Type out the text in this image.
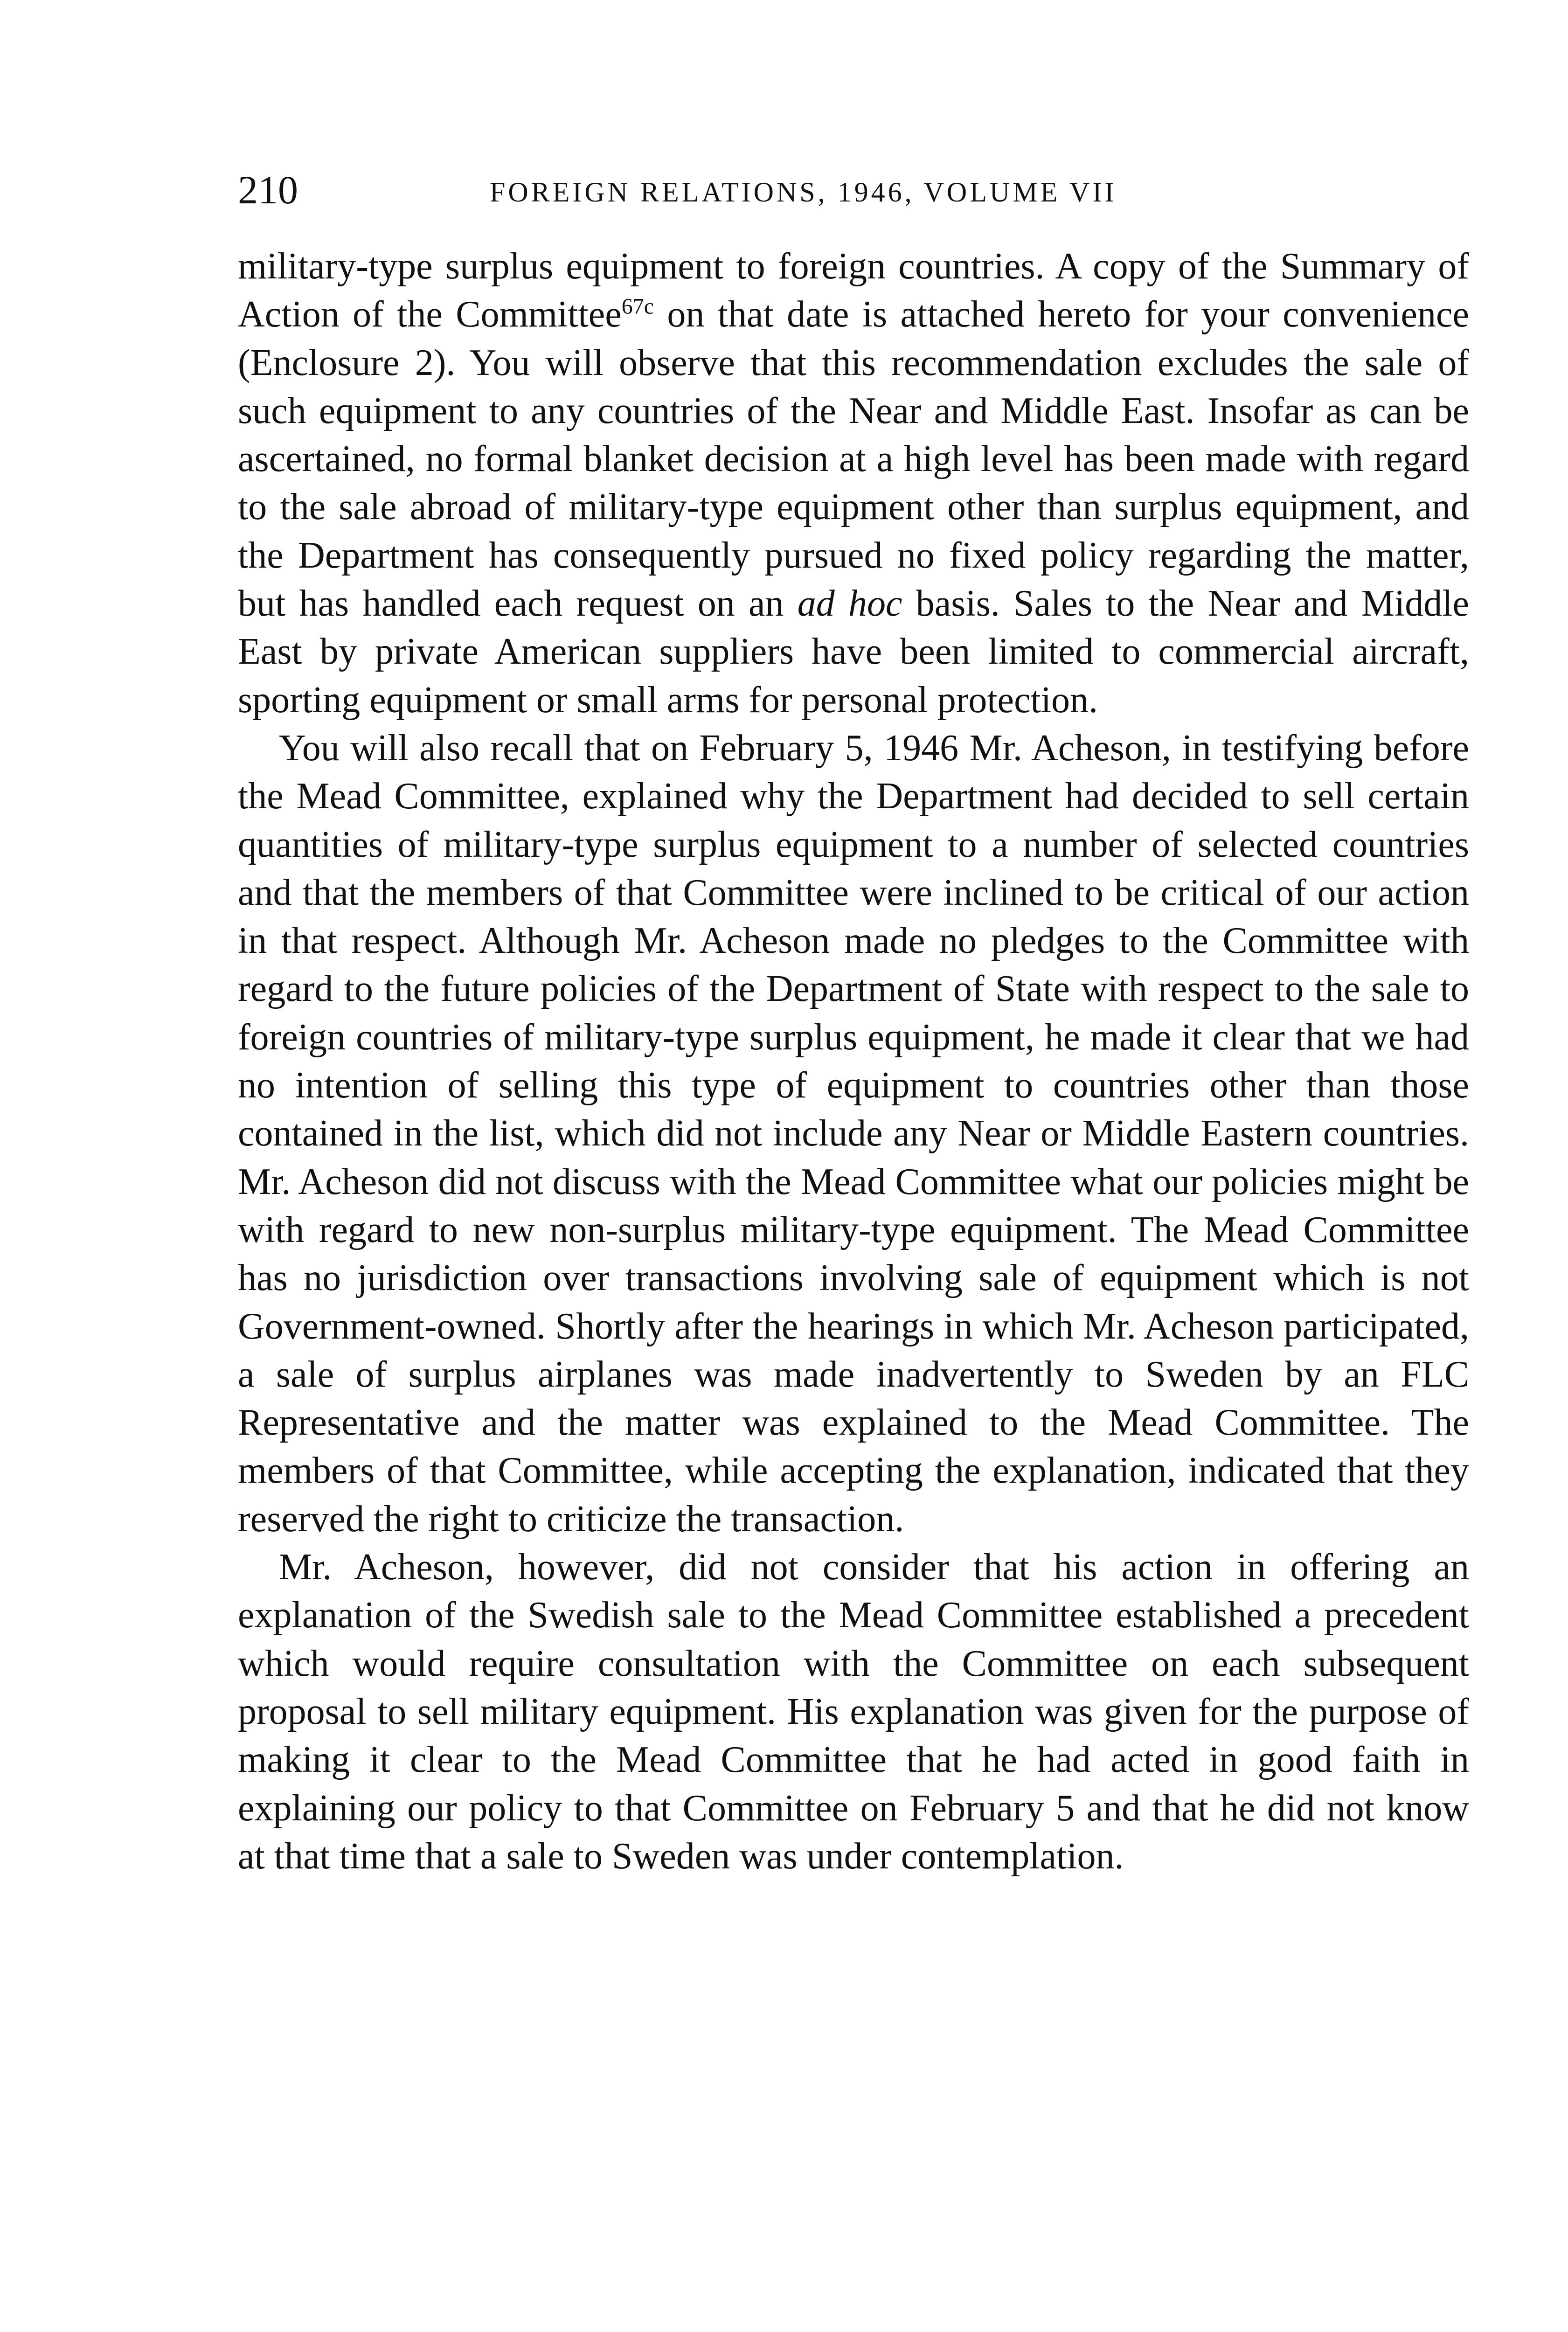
210	FOREIGN RELATIONS, 1946, VOLUME VII

military-type surplus equipment to foreign countries. A copy of the Summary of Action of the Committee$^{67c}$ on that date is attached hereto for your convenience (Enclosure 2). You will observe that this recommendation excludes the sale of such equipment to any countries of the Near and Middle East. Insofar as can be ascertained, no formal blanket decision at a high level has been made with regard to the sale abroad of military-type equipment other than surplus equipment, and the Department has consequently pursued no fixed policy regarding the matter, but has handled each request on an ad hoc basis. Sales to the Near and Middle East by private American suppliers have been limited to commercial aircraft, sporting equipment or small arms for personal protection.

You will also recall that on February 5, 1946 Mr. Acheson, in testifying before the Mead Committee, explained why the Department had decided to sell certain quantities of military-type surplus equipment to a number of selected countries and that the members of that Committee were inclined to be critical of our action in that respect. Although Mr. Acheson made no pledges to the Committee with regard to the future policies of the Department of State with respect to the sale to foreign countries of military-type surplus equipment, he made it clear that we had no intention of selling this type of equipment to countries other than those contained in the list, which did not include any Near or Middle Eastern countries. Mr. Acheson did not discuss with the Mead Committee what our policies might be with regard to new non-surplus military-type equipment. The Mead Committee has no jurisdiction over transactions involving sale of equipment which is not Government-owned. Shortly after the hearings in which Mr. Acheson participated, a sale of surplus airplanes was made inadvertently to Sweden by an FLC Representative and the matter was explained to the Mead Committee. The members of that Committee, while accepting the explanation, indicated that they reserved the right to criticize the transaction.

Mr. Acheson, however, did not consider that his action in offering an explanation of the Swedish sale to the Mead Committee established a precedent which would require consultation with the Committee on each subsequent proposal to sell military equipment. His explanation was given for the purpose of making it clear to the Mead Committee that he had acted in good faith in explaining our policy to that Committee on February 5 and that he did not know at that time that a sale to Sweden was under contemplation.
